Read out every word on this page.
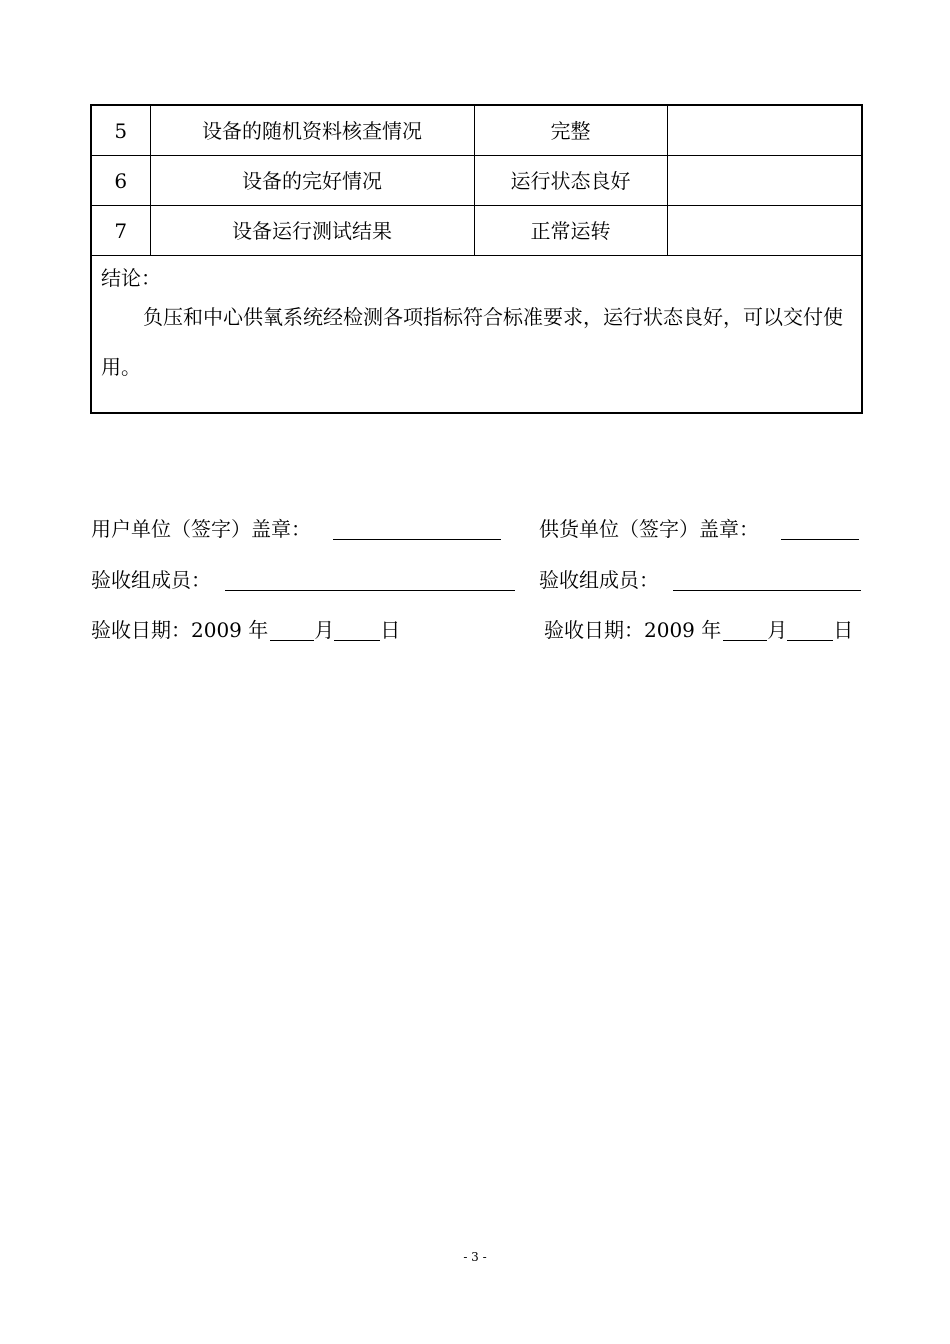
5	设备的随机资料核查情况	完整	
6	设备的完好情况	运行状态良好	
7	设备运行测试结果	正常运转	

结论：
负压和中心供氧系统经检测各项指标符合标准要求，运行状态良好，可以交付使用。			
用户单位（签字）盖章：	供货单位（签字）盖章：
验收组成员：	验收组成员：
验收日期：2009 年 月 日	验收日期：2009 年 月 日
- 3 -
